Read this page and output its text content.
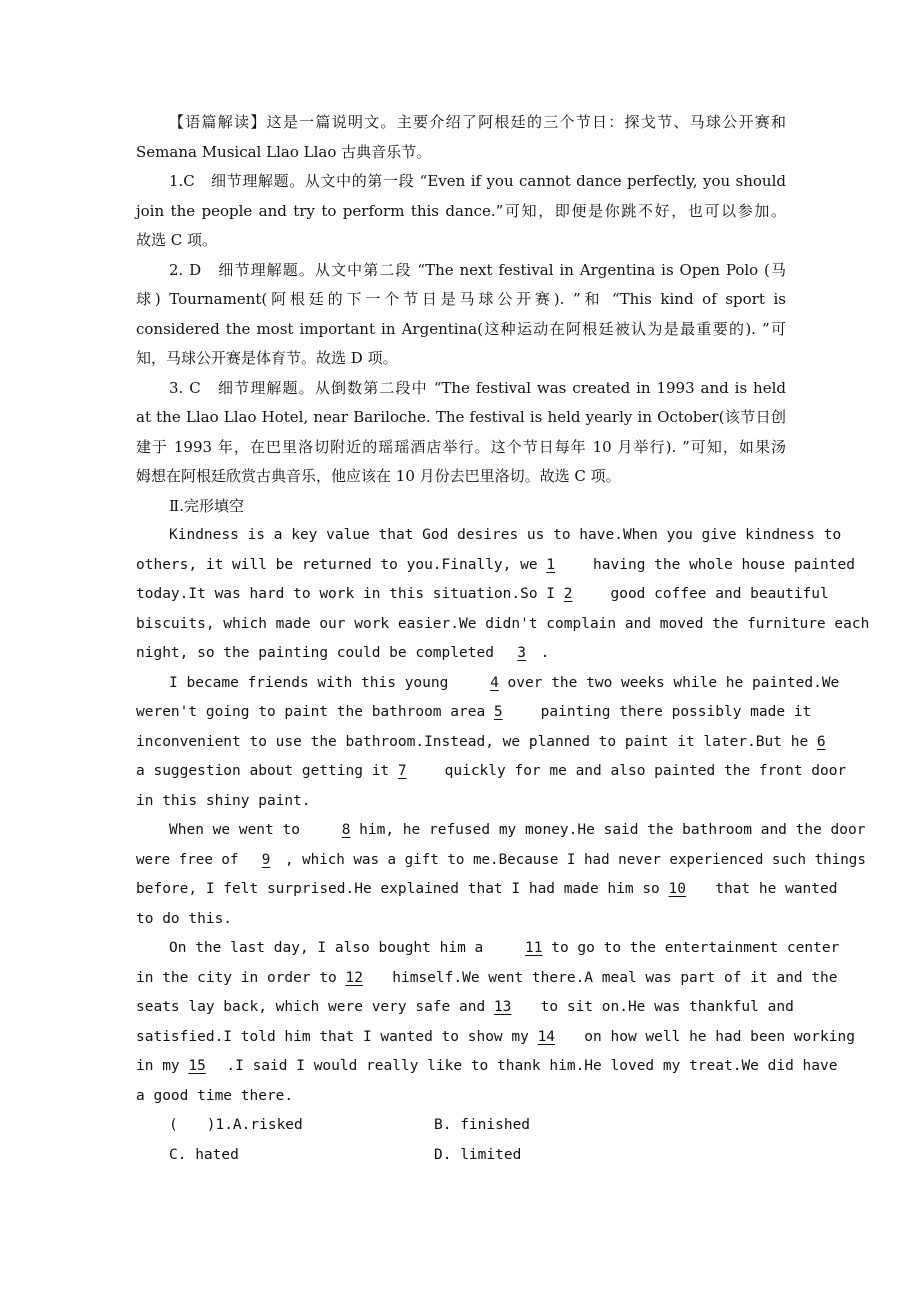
【语篇解读】这是一篇说明文。主要介绍了阿根廷的三个节日：探戈节、马球公开赛和
Semana Musical Llao Llao 古典音乐节。
1.C　细节理解题。从文中的第一段 “Even if you cannot dance perfectly, you should
join the people and try to perform this dance.”可知，即便是你跳不好，也可以参加。
故选 C 项。
2. D　细节理解题。从文中第二段 “The next festival in Argentina is Open Polo (马
球) Tournament(阿根廷的下一个节日是马球公开赛). ”和 “This kind of sport is
considered the most important in Argentina(这种运动在阿根廷被认为是最重要的). ”可
知，马球公开赛是体育节。故选 D 项。
3. C　细节理解题。从倒数第二段中 “The festival was created in 1993 and is held
at the Llao Llao Hotel, near Bariloche. The festival is held yearly in October(该节日创
建于 1993 年，在巴里洛切附近的瑶瑶酒店举行。这个节日每年 10 月举行). ”可知，如果汤
姆想在阿根廷欣赏古典音乐，他应该在 10 月份去巴里洛切。故选 C 项。
Ⅱ.完形填空
Kindness is a key value that God desires us to have.When you give kindness to
others, it will be returned to you.Finally, we 1 having the whole house painted
today.It was hard to work in this situation.So I 2 good coffee and beautiful
biscuits, which made our work easier.We didn't complain and moved the furniture each
night, so the painting could be completed 3 .
I became friends with this young 4 over the two weeks while he painted.We
weren't going to paint the bathroom area 5 painting there possibly made it
inconvenient to use the bathroom.Instead, we planned to paint it later.But he 6
a suggestion about getting it 7 quickly for me and also painted the front door
in this shiny paint.
When we went to 8 him, he refused my money.He said the bathroom and the door
were free of 9 , which was a gift to me.Because I had never experienced such things
before, I felt surprised.He explained that I had made him so 10 that he wanted
to do this.
On the last day, I also bought him a 11 to go to the entertainment center
in the city in order to 12 himself.We went there.A meal was part of it and the
seats lay back, which were very safe and 13 to sit on.He was thankful and
satisfied.I told him that I wanted to show my 14 on how well he had been working
in my 15 .I said I would really like to thank him.He loved my treat.We did have
a good time there.
(　　)1.A.risked	B. finished
C. hated	D. limited
